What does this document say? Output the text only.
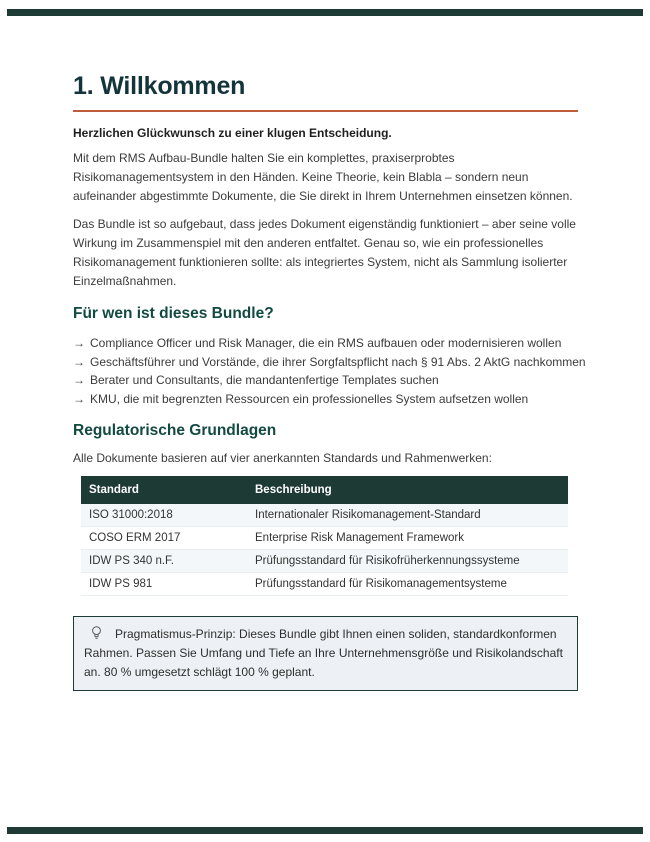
1. Willkommen
Herzlichen Glückwunsch zu einer klugen Entscheidung.

Mit dem RMS Aufbau-Bundle halten Sie ein komplettes, praxiserprobtes Risikomanagementsystem in den Händen. Keine Theorie, kein Blabla – sondern neun aufeinander abgestimmte Dokumente, die Sie direkt in Ihrem Unternehmen einsetzen können.

Das Bundle ist so aufgebaut, dass jedes Dokument eigenständig funktioniert – aber seine volle Wirkung im Zusammenspiel mit den anderen entfaltet. Genau so, wie ein professionelles Risikomanagement funktionieren sollte: als integriertes System, nicht als Sammlung isolierter Einzelmaßnahmen.

Für wen ist dieses Bundle?
→ Compliance Officer und Risk Manager, die ein RMS aufbauen oder modernisieren wollen
→ Geschäftsführer und Vorstände, die ihrer Sorgfaltspflicht nach § 91 Abs. 2 AktG nachkommen
→ Berater und Consultants, die mandantenfertige Templates suchen
→ KMU, die mit begrenzten Ressourcen ein professionelles System aufsetzen wollen
Regulatorische Grundlagen

Alle Dokumente basieren auf vier anerkannten Standards und Rahmenwerken:

Standard	Beschreibung
ISO 31000:2018	Internationaler Risikomanagement-Standard
COSO ERM 2017	Enterprise Risk Management Framework
IDW PS 340 n.F.	Prüfungsstandard für Risikofrüherkennungssysteme
IDW PS 981	Prüfungsstandard für Risikomanagementsysteme
Pragmatismus-Prinzip: Dieses Bundle gibt Ihnen einen soliden, standardkonformen Rahmen. Passen Sie Umfang und Tiefe an Ihre Unternehmensgröße und Risikolandschaft an. 80 % umgesetzt schlägt 100 % geplant.
